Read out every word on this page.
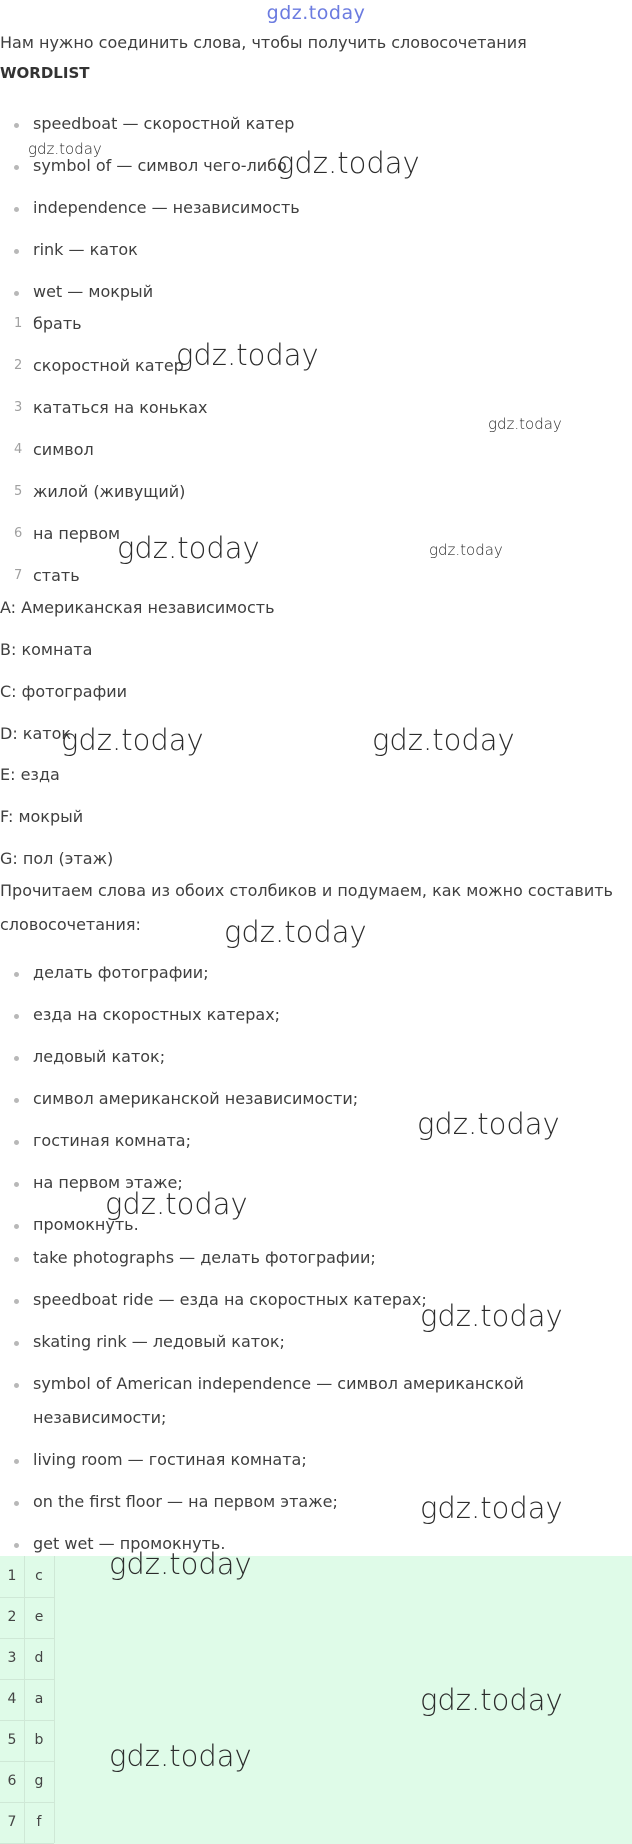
gdz.today

Нам нужно соединить слова, чтобы получить словосочетания

WORDLIST
speedboat — скоростной катер
symbol of — символ чего-либо
independence — независимость
rink — каток
wet — мокрый
1 брать
2 скоростной катер
3 кататься на коньках
4 символ
5 жилой (живущий)
6 на первом
7 стать

A: Американская независимость

B: комната

C: фотографии

D: каток

E: езда

F: мокрый

G: пол (этаж)

Прочитаем слова из обоих столбиков и подумаем, как можно составить

словосочетания:

делать фотографии;
езда на скоростных катерах;
ледовый каток;
символ американской независимости;
гостиная комната;
на первом этаже;
промокнуть.
take photographs — делать фотографии;
speedboat ride — езда на скоростных катерах;
skating rink — ледовый каток;
symbol of American independence — символ американской
независимости;
living room — гостиная комната;
on the first floor — на первом этаже;
get wet — промокнуть.
1	c
2	e
3	d
4	a
5	b
6	g
7	f
gdz.today	gdz.today
gdz.today
gdz.today
gdz.today	gdz.today
gdz.today	gdz.today
gdz.today
gdz.today
gdz.today
gdz.today
gdz.today
gdz.today
gdz.today
gdz.today
